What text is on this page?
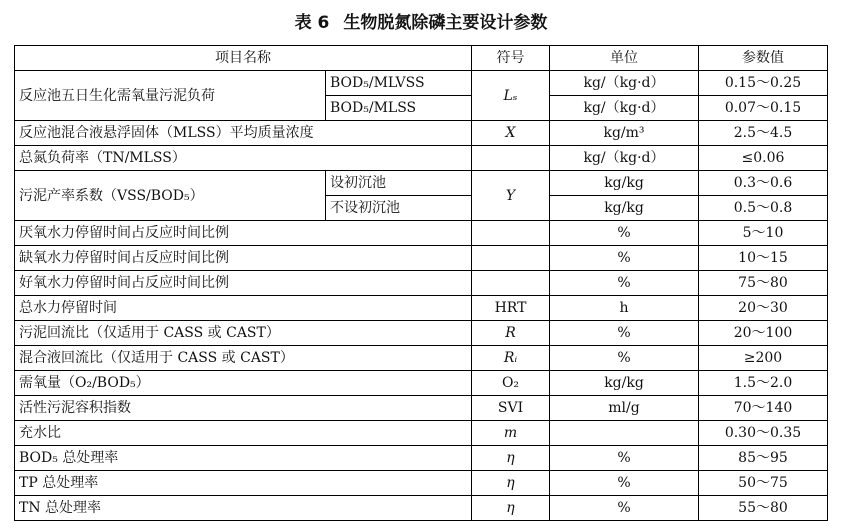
表 6 生物脱氮除磷主要设计参数
项目名称		符号	单位	参数值
反应池五日生化需氧量污泥负荷	BOD₅/MLVSS	Lₛ	kg/（kg·d）	0.15～0.25
	BOD₅/MLSS		kg/（kg·d）	0.07～0.15
反应池混合液悬浮固体（MLSS）平均质量浓度		X	kg/m³	2.5～4.5
总氮负荷率（TN/MLSS）			kg/（kg·d）	≤0.06
污泥产率系数（VSS/BOD₅）	设初沉池	Y	kg/kg	0.3～0.6
	不设初沉池		kg/kg	0.5～0.8
厌氧水力停留时间占反应时间比例			%	5～10
缺氧水力停留时间占反应时间比例			%	10～15
好氧水力停留时间占反应时间比例			%	75～80
总水力停留时间		HRT	h	20～30
污泥回流比（仅适用于 CASS 或 CAST）		R	%	20～100
混合液回流比（仅适用于 CASS 或 CAST）		Rᵢ	%	≥200
需氧量（O₂/BOD₅）		O₂	kg/kg	1.5～2.0
活性污泥容积指数		SVI	ml/g	70～140
充水比		m		0.30～0.35
BOD₅ 总处理率		η	%	85～95
TP 总处理率		η	%	50～75
TN 总处理率		η	%	55～80
